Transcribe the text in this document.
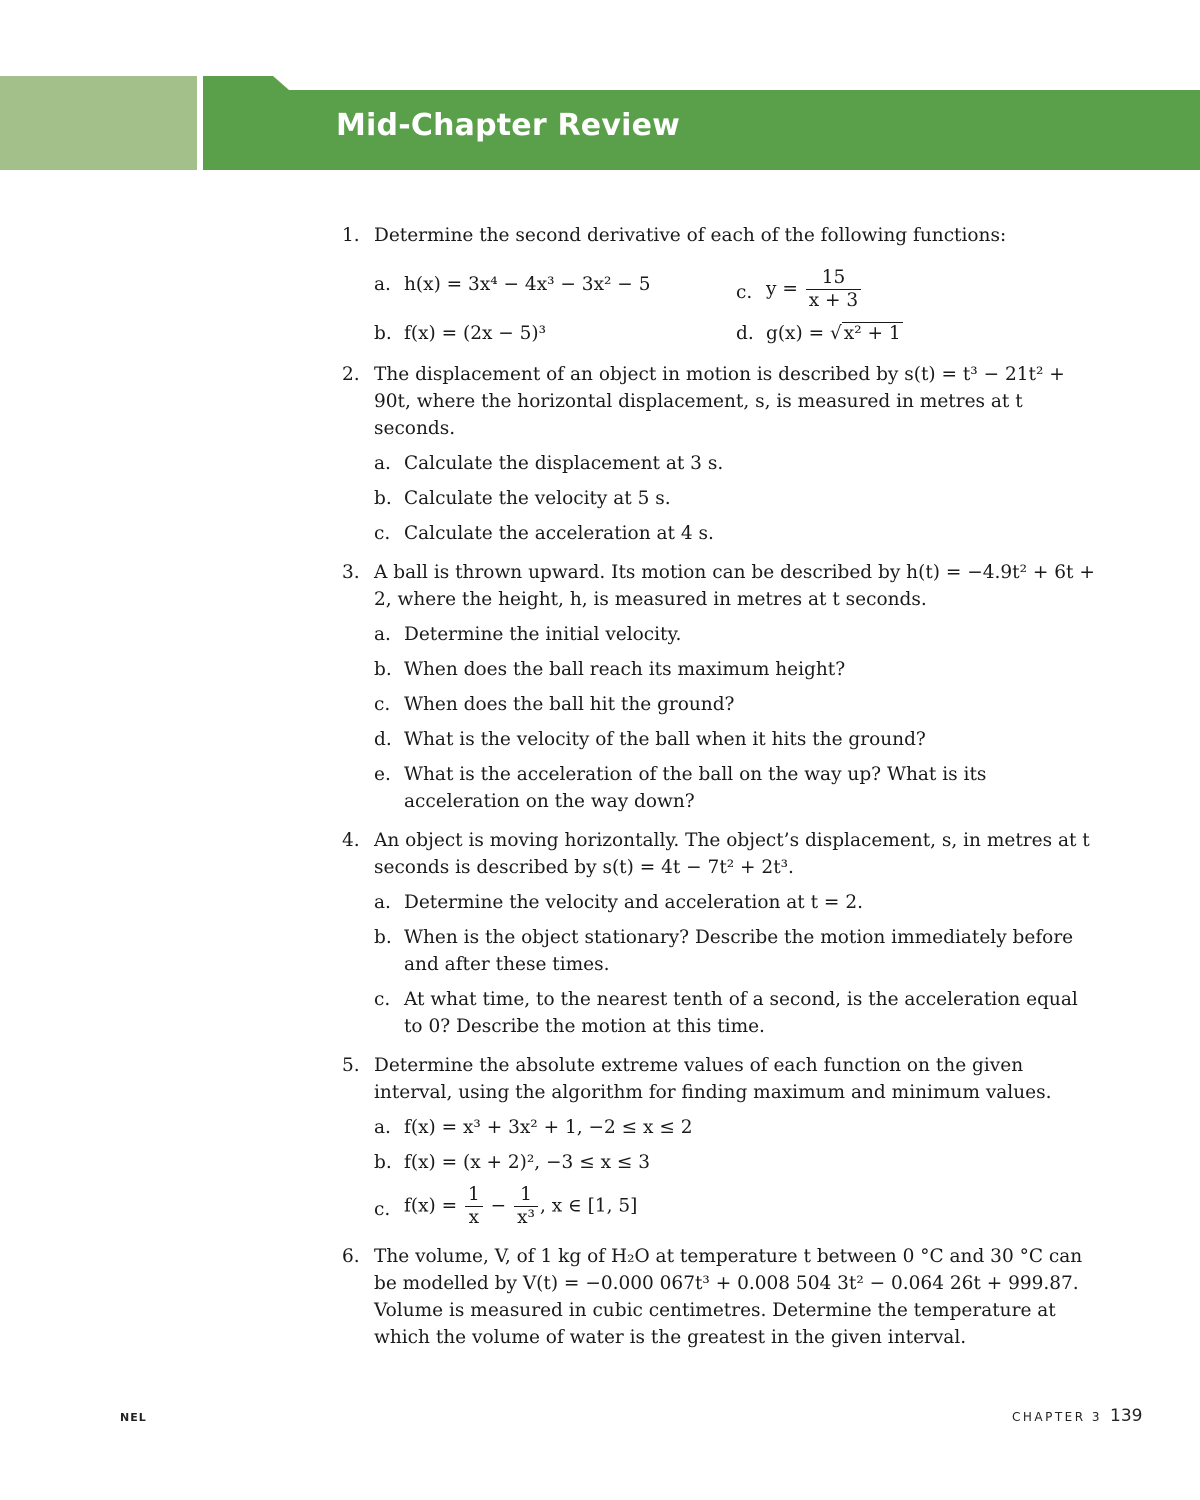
Mid-Chapter Review
1. Determine the second derivative of each of the following functions:
a. h(x) = 3x⁴ − 4x³ − 3x² − 5
b. f(x) = (2x − 5)³
c. $y = \frac{15}{x + 3}$
d. g(x) = √ x² + 1
2. The displacement of an object in motion is described by s(t) = t³ − 21t² + 90t, where the horizontal displacement, s, is measured in metres at t seconds.
a. Calculate the displacement at 3 s.
b. Calculate the velocity at 5 s.
c. Calculate the acceleration at 4 s.
3. A ball is thrown upward. Its motion can be described by h(t) = −4.9t² + 6t + 2, where the height, h, is measured in metres at t seconds.
a. Determine the initial velocity.
b. When does the ball reach its maximum height?
c. When does the ball hit the ground?
d. What is the velocity of the ball when it hits the ground?
e. What is the acceleration of the ball on the way up? What is its acceleration on the way down?
4. An object is moving horizontally. The object’s displacement, s, in metres at t seconds is described by s(t) = 4t − 7t² + 2t³.
a. Determine the velocity and acceleration at t = 2.
b. When is the object stationary? Describe the motion immediately before and after these times.
c. At what time, to the nearest tenth of a second, is the acceleration equal to 0? Describe the motion at this time.
5. Determine the absolute extreme values of each function on the given interval, using the algorithm for finding maximum and minimum values.
a. f(x) = x³ + 3x² + 1, −2 ≤ x ≤ 2
b. f(x) = (x + 2)², −3 ≤ x ≤ 3
c. $f(x) = \frac{1}{x} - \frac{1}{\text{x³}}$ , x ∈ [1, 5]
6. The volume, V, of 1 kg of H₂O at temperature t between 0 °C and 30 °C can be modelled by V(t) = −0.000 067t³ + 0.008 504 3t² − 0.064 26t + 999.87. Volume is measured in cubic centimetres. Determine the temperature at which the volume of water is the greatest in the given interval.
NEL	CHAPTER 3 139
